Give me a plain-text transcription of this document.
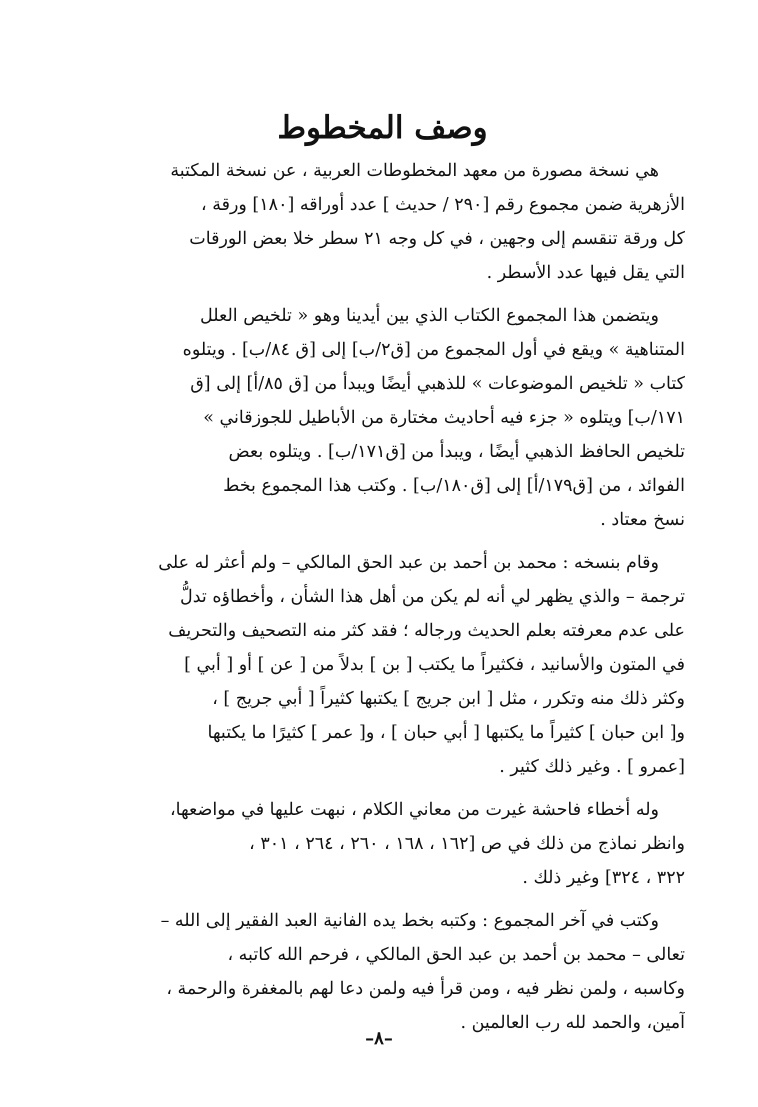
وصف المخطوط

هي نسخة مصورة من معهد المخطوطات العربية ، عن نسخة المكتبة
الأزهرية ضمن مجموع رقم [٢٩٠ / حديث ] عدد أوراقه [١٨٠] ورقة ،
كل ورقة تنقسم إلى وجهين ، في كل وجه ٢١ سطر خلا بعض الورقات
التي يقل فيها عدد الأسطر .

ويتضمن هذا المجموع الكتاب الذي بين أيدينا وهو « تلخيص العلل
المتناهية » ويقع في أول المجموع من [ق٢/ب] إلى [ق ٨٤/ب] . ويتلوه
كتاب « تلخيص الموضوعات » للذهبي أيضًا ويبدأ من [ق ٨٥/أ] إلى [ق
١٧١/ب] ويتلوه « جزء فيه أحاديث مختارة من الأباطيل للجوزقاني »
تلخيص الحافظ الذهبي أيضًا ، ويبدأ من [ق١٧١/ب] . ويتلوه بعض
الفوائد ، من [ق١٧٩/أ] إلى [ق١٨٠/ب] . وكتب هذا المجموع بخط
نسخ معتاد .

وقام بنسخه : محمد بن أحمد بن عبد الحق المالكي – ولم أعثر له على
ترجمة – والذي يظهر لي أنه لم يكن من أهل هذا الشأن ، وأخطاؤه تدلُّ
على عدم معرفته بعلم الحديث ورجاله ؛ فقد كثر منه التصحيف والتحريف
في المتون والأسانيد ، فكثيراً ما يكتب [ بن ] بدلاً من [ عن ] أو [ أبي ]
وكثر ذلك منه وتكرر ، مثل [ ابن جريج ] يكتبها كثيراً [ أبي جريج ] ،
و[ ابن حبان ] كثيراً ما يكتبها [ أبي حبان ] ، و[ عمر ] كثيرًا ما يكتبها
[عمرو ] . وغير ذلك كثير .

وله أخطاء فاحشة غيرت من معاني الكلام ، نبهت عليها في مواضعها،
وانظر نماذج من ذلك في ص [١٦٢ ، ١٦٨ ، ٢٦٠ ، ٢٦٤ ، ٣٠١ ،
٣٢٢ ، ٣٢٤] وغير ذلك .

وكتب في آخر المجموع : وكتبه بخط يده الفانية العبد الفقير إلى الله –
تعالى – محمد بن أحمد بن عبد الحق المالكي ، فرحم الله كاتبه ،
وكاسبه ، ولمن نظر فيه ، ومن قرأ فيه ولمن دعا لهم بالمغفرة والرحمة ،
آمين، والحمد لله رب العالمين .

–٨–
